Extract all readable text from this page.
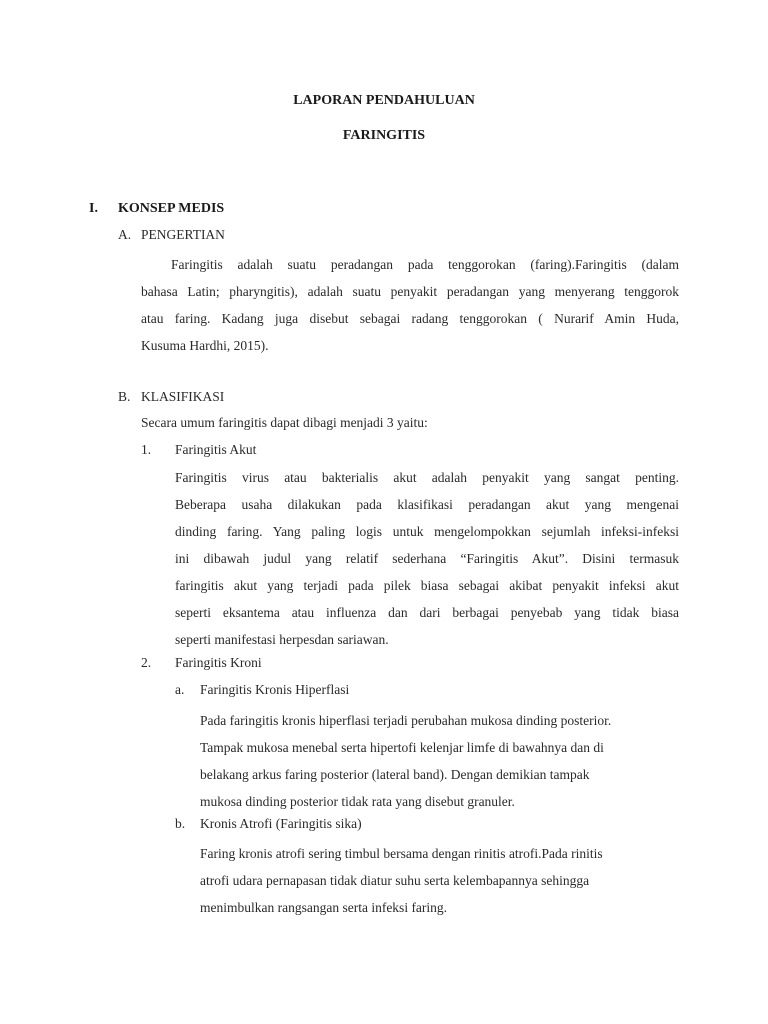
LAPORAN PENDAHULUAN
FARINGITIS
I. KONSEP MEDIS
A. PENGERTIAN
Faringitis adalah suatu peradangan pada tenggorokan (faring).Faringitis (dalam
bahasa Latin; pharyngitis), adalah suatu penyakit peradangan yang menyerang tenggorok
atau faring. Kadang juga disebut sebagai radang tenggorokan ( Nurarif Amin Huda,
Kusuma Hardhi, 2015).
B. KLASIFIKASI
Secara umum faringitis dapat dibagi menjadi 3 yaitu:
1. Faringitis Akut
Faringitis virus atau bakterialis akut adalah penyakit yang sangat penting.
Beberapa usaha dilakukan pada klasifikasi peradangan akut yang mengenai
dinding faring. Yang paling logis untuk mengelompokkan sejumlah infeksi-infeksi
ini dibawah judul yang relatif sederhana “Faringitis Akut”. Disini termasuk
faringitis akut yang terjadi pada pilek biasa sebagai akibat penyakit infeksi akut
seperti eksantema atau influenza dan dari berbagai penyebab yang tidak biasa
seperti manifestasi herpesdan sariawan.
2. Faringitis Kroni
a. Faringitis Kronis Hiperflasi
Pada faringitis kronis hiperflasi terjadi perubahan mukosa dinding posterior.
Tampak mukosa menebal serta hipertofi kelenjar limfe di bawahnya dan di
belakang arkus faring posterior (lateral band). Dengan demikian tampak
mukosa dinding posterior tidak rata yang disebut granuler.
b. Kronis Atrofi (Faringitis sika)
Faring kronis atrofi sering timbul bersama dengan rinitis atrofi.Pada rinitis
atrofi udara pernapasan tidak diatur suhu serta kelembapannya sehingga
menimbulkan rangsangan serta infeksi faring.
